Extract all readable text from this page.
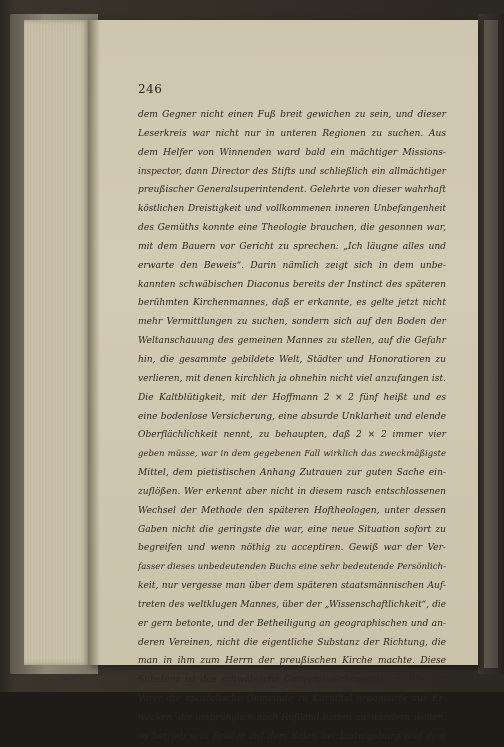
246
dem Gegner nicht einen Fuß breit gewichen zu sein, und dieser
Leserkreis war nicht nur in unteren Regionen zu suchen. Aus
dem Helfer von Winnenden ward bald ein mächtiger Missions-
inspector, dann Director des Stifts und schließlich ein allmächtiger
preußischer Generalsuperintendent. Gelehrte von dieser wahrhaft
köstlichen Dreistigkeit und vollkommenen inneren Unbefangenheit
des Gemüths konnte eine Theologie brauchen, die gesonnen war,
mit dem Bauern vor Gericht zu sprechen: „Ich läugne alles und
erwarte den Beweis“. Darin nämlich zeigt sich in dem unbe-
kannten schwäbischen Diaconus bereits der Instinct des späteren
berühmten Kirchenmannes, daß er erkannte, es gelte jetzt nicht
mehr Vermittlungen zu suchen, sondern sich auf den Boden der
Weltanschauung des gemeinen Mannes zu stellen, auf die Gefahr
hin, die gesammte gebildete Welt, Städter und Honoratioren zu
verlieren, mit denen kirchlich ja ohnehin nicht viel anzufangen ist.
Die Kaltblütigkeit, mit der Hoffmann 2 × 2 fünf heißt und es
eine bodenlose Versicherung, eine absurde Unklarheit und elende
Oberflächlichkeit nennt, zu behaupten, daß 2 × 2 immer vier
geben müsse, war in dem gegebenen Fall wirklich das zweckmäßigste
Mittel, dem pietistischen Anhang Zutrauen zur guten Sache ein-
zuflößen. Wer erkennt aber nicht in diesem rasch entschlossenen
Wechsel der Methode den späteren Hoftheologen, unter dessen
Gaben nicht die geringste die war, eine neue Situation sofort zu
begreifen und wenn nöthig zu acceptiren. Gewiß war der Ver-
fasser dieses unbedeutenden Buchs eine sehr bedeutende Persönlich-
keit, nur vergesse man über dem späteren staatsmännischen Auf-
treten des weltklugen Mannes, über der „Wissenschaftlichkeit“, die
er gern betonte, und der Betheiligung an geographischen und an-
deren Vereinen, nicht die eigentliche Substanz der Richtung, die
man in ihm zum Herrn der preußischen Kirche machte. Diese
Substanz ist das schwäbische Conventikelchristenthum. Wie der
Vater die apostolische Gemeinde zu Kornthal organisirte aus Er-
wecken, die ursprünglich nach Rußland hatten auswandern wollen,
so betrieb sein Bruder auf dem Salon bei Ludwigsburg und dem
